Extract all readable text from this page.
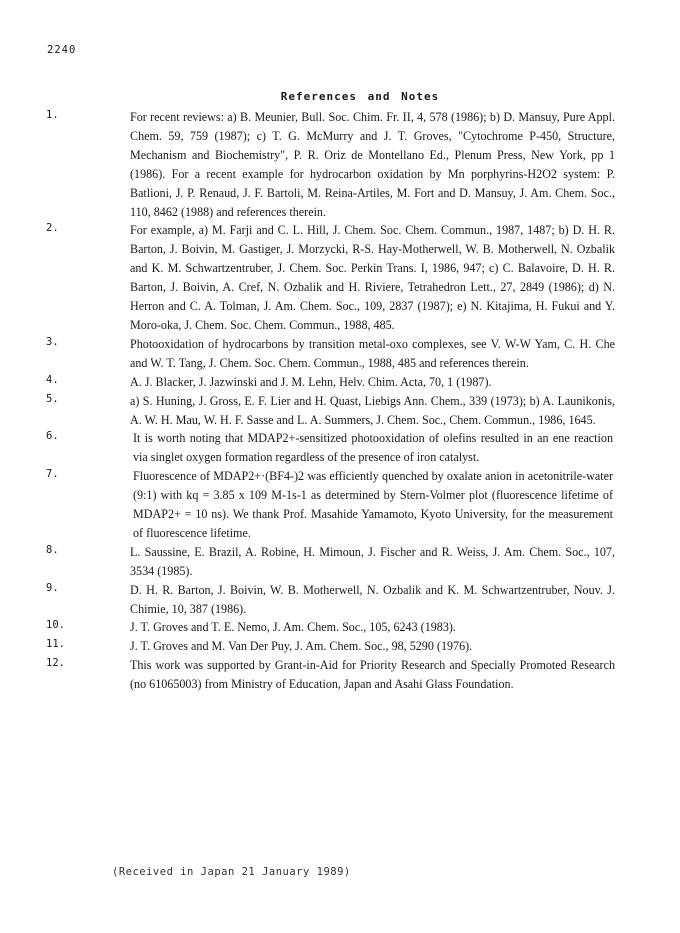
2240
References and Notes
1.	For recent reviews: a) B. Meunier, Bull. Soc. Chim. Fr. II, 4, 578 (1986); b) D. Mansuy, Pure Appl. Chem. 59, 759 (1987); c) T. G. McMurry and J. T. Groves, "Cytochrome P-450, Structure, Mechanism and Biochemistry", P. R. Oriz de Montellano Ed., Plenum Press, New York, pp 1 (1986). For a recent example for hydrocarbon oxidation by Mn porphyrins-H2O2 system: P. Batlioni, J. P. Renaud, J. F. Bartoli, M. Reina-Artiles, M. Fort and D. Mansuy, J. Am. Chem. Soc., 110, 8462 (1988) and references therein.
2.	For example, a) M. Farji and C. L. Hill, J. Chem. Soc. Chem. Commun., 1987, 1487; b) D. H. R. Barton, J. Boivin, M. Gastiger, J. Morzycki, R-S. Hay-Motherwell, W. B. Motherwell, N. Ozbalik and K. M. Schwartzentruber, J. Chem. Soc. Perkin Trans. I, 1986, 947; c) C. Balavoire, D. H. R. Barton, J. Boivin, A. Cref, N. Ozbalik and H. Riviere, Tetrahedron Lett., 27, 2849 (1986); d) N. Herron and C. A. Tolman, J. Am. Chem. Soc., 109, 2837 (1987); e) N. Kitajima, H. Fukui and Y. Moro-oka, J. Chem. Soc. Chem. Commun., 1988, 485.
3.	Photooxidation of hydrocarbons by transition metal-oxo complexes, see V. W-W Yam, C. H. Che and W. T. Tang, J. Chem. Soc. Chem. Commun., 1988, 485 and references therein.
4.	A. J. Blacker, J. Jazwinski and J. M. Lehn, Helv. Chim. Acta, 70, 1 (1987).
5.	a) S. Huning, J. Gross, E. F. Lier and H. Quast, Liebigs Ann. Chem., 339 (1973); b) A. Launikonis, A. W. H. Mau, W. H. F. Sasse and L. A. Summers, J. Chem. Soc., Chem. Commun., 1986, 1645.
6.	It is worth noting that MDAP2+-sensitized photooxidation of olefins resulted in an ene reaction via singlet oxygen formation regardless of the presence of iron catalyst.
7.	Fluorescence of MDAP2+·(BF4-)2 was efficiently quenched by oxalate anion in acetonitrile-water (9:1) with kq = 3.85 x 109 M-1s-1 as determined by Stern-Volmer plot (fluorescence lifetime of MDAP2+ = 10 ns). We thank Prof. Masahide Yamamoto, Kyoto University, for the measurement of fluorescence lifetime.
8.	L. Saussine, E. Brazil, A. Robine, H. Mimoun, J. Fischer and R. Weiss, J. Am. Chem. Soc., 107, 3534 (1985).
9.	D. H. R. Barton, J. Boivin, W. B. Motherwell, N. Ozbalik and K. M. Schwartzentruber, Nouv. J. Chimie, 10, 387 (1986).
10.	J. T. Groves and T. E. Nemo, J. Am. Chem. Soc., 105, 6243 (1983).
11.	J. T. Groves and M. Van Der Puy, J. Am. Chem. Soc., 98, 5290 (1976).
12.	This work was supported by Grant-in-Aid for Priority Research and Specially Promoted Research (no 61065003) from Ministry of Education, Japan and Asahi Glass Foundation.
(Received in Japan 21 January 1989)
